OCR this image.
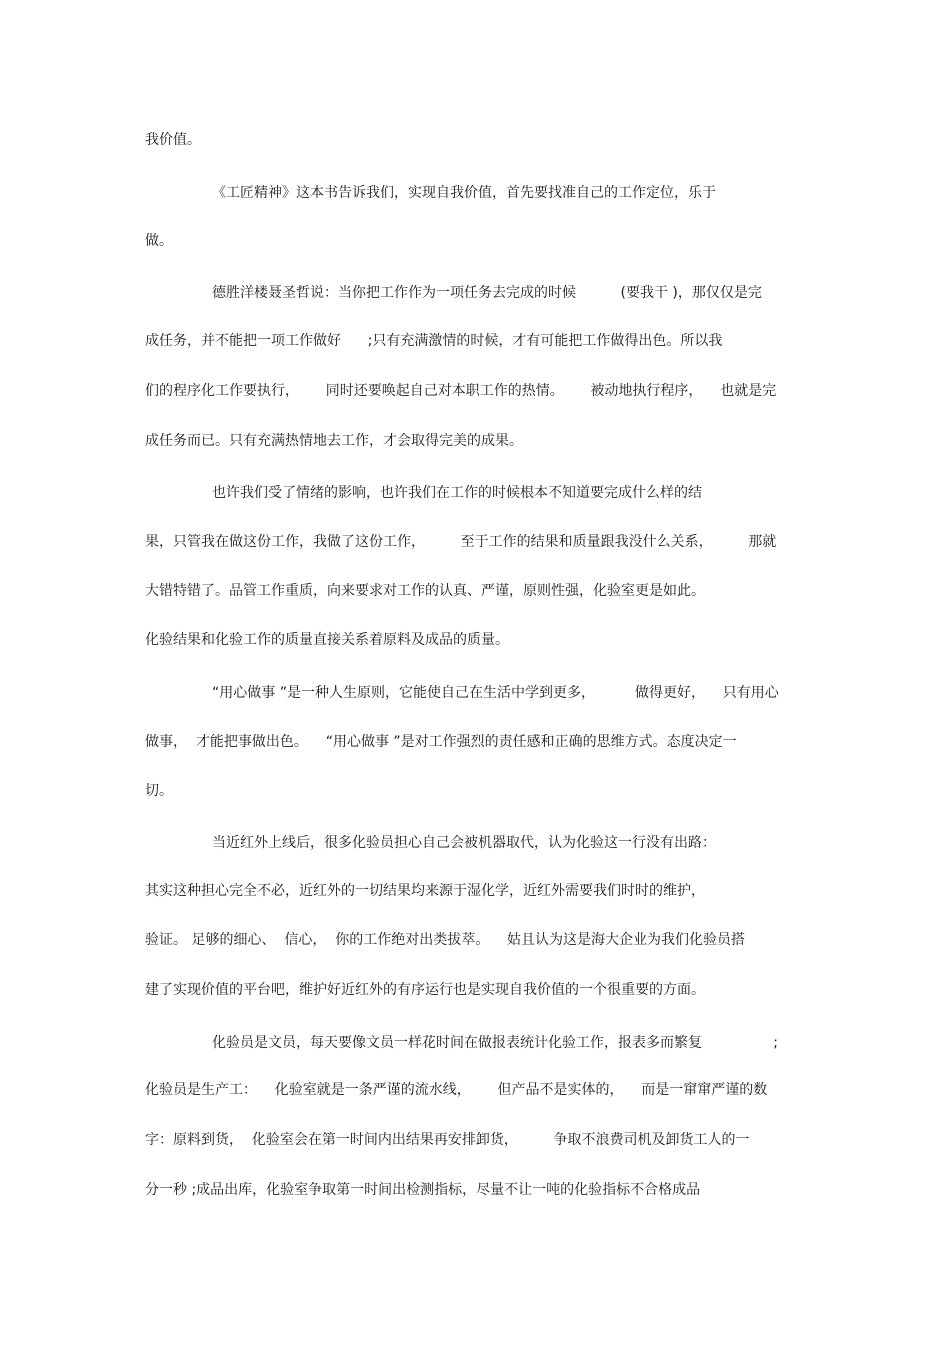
我价值。
《工匠精神》这本书告诉我们，实现自我价值，首先要找准自己的工作定位，乐于
做。
德胜洋楼聂圣哲说：当你把工作作为一项任务去完成的时候          (要我干 )，那仅仅是完
成任务，并不能把一项工作做好      ;只有充满激情的时候，才有可能把工作做得出色。所以我
们的程序化工作要执行，      同时还要唤起自己对本职工作的热情。      被动地执行程序，    也就是完
成任务而已。只有充满热情地去工作，才会取得完美的成果。
也许我们受了情绪的影响，也许我们在工作的时候根本不知道要完成什么样的结
果，只管我在做这份工作，我做了这份工作，        至于工作的结果和质量跟我没什么关系，        那就
大错特错了。品管工作重质，向来要求对工作的认真、严谨，原则性强，化验室更是如此。
化验结果和化验工作的质量直接关系着原料及成品的质量。
“用心做事 ”是一种人生原则，它能使自己在生活中学到更多，         做得更好，    只有用心
做事，  才能把事做出色。    “用心做事 ”是对工作强烈的责任感和正确的思维方式。态度决定一
切。
当近红外上线后，很多化验员担心自己会被机器取代，认为化验这一行没有出路：
其实这种担心完全不必，近红外的一切结果均来源于湿化学，近红外需要我们时时的维护，
验证。 足够的细心、  信心，  你的工作绝对出类拔萃。    姑且认为这是海大企业为我们化验员搭
建了实现价值的平台吧，维护好近红外的有序运行也是实现自我价值的一个很重要的方面。
化验员是文员，每天要像文员一样花时间在做报表统计化验工作，报表多而繁复                ;
化验员是生产工：    化验室就是一条严谨的流水线，      但产品不是实体的，    而是一窜窜严谨的数
字：原料到货，  化验室会在第一时间内出结果再安排卸货，        争取不浪费司机及卸货工人的一
分一秒 ;成品出库，化验室争取第一时间出检测指标，尽量不让一吨的化验指标不合格成品
